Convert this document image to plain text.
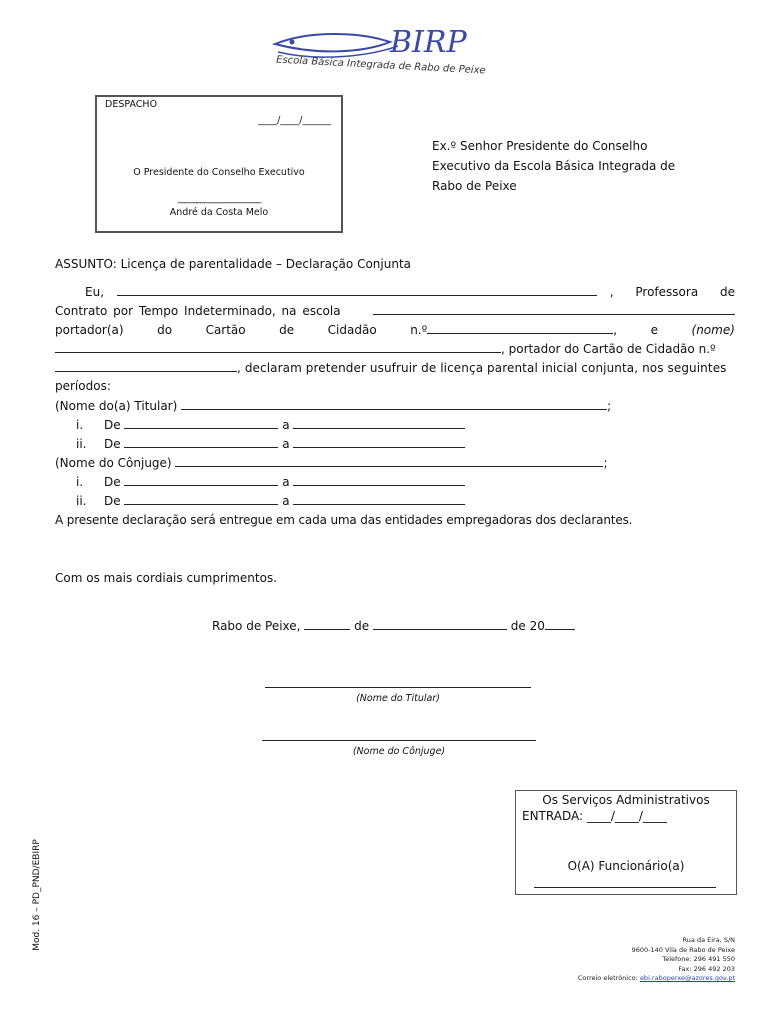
BIRP
Escola Básica Integrada de Rabo de Peixe
DESPACHO
____/____/______
O Presidente do Conselho Executivo
______________________
André da Costa Melo
Ex.º Senhor Presidente do Conselho
Executivo da Escola Básica Integrada de
Rabo de Peixe
ASSUNTO: Licença de parentalidade – Declaração Conjunta
Eu,	, Professora de
Contrato por Tempo Indeterminado, na escola
portador(a)	do	Cartão	de	Cidadão	n.º	,	e	(nome)
, portador do Cartão de Cidadão n.º
, declaram pretender usufruir de licença parental inicial conjunta, nos seguintes
períodos:
(Nome do(a) Titular)	;
i. De	a
ii. De	a
(Nome do Cônjuge)	;
i. De	a
ii. De	a
A presente declaração será entregue em cada uma das entidades empregadoras dos declarantes.
Com os mais cordiais cumprimentos.
Rabo de Peixe,	de	de 20
(Nome do Titular)
(Nome do Cônjuge)
Os Serviços Administrativos
ENTRADA: ____/____/____
O(A) Funcionário(a)
Mod. 16 – PD_PND/EBIRP	Rua da Eira, S/N
9600-140 Vila de Rabo de Peixe
Telefone: 296 491 550
Fax: 296 492 203
Correio eletrónico: ebi.raboperxe@azores.gov.pt
